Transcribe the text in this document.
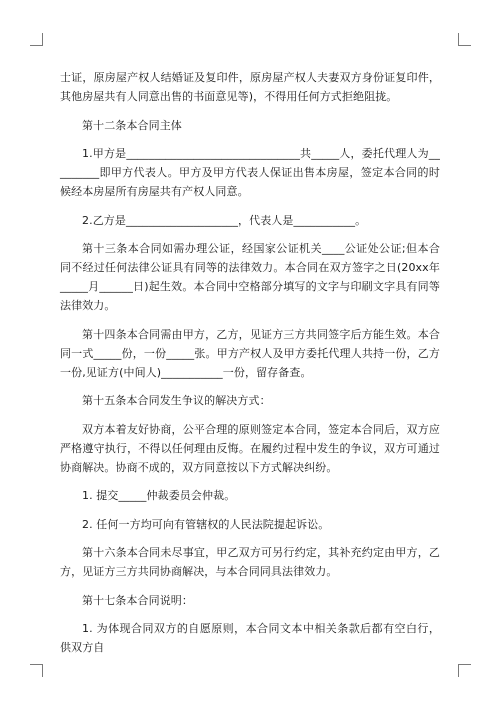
士证，原房屋产权人结婚证及复印件，原房屋产权人夫妻双方身份证复印件，其他房屋共有人同意出售的书面意见等)，不得用任何方式拒绝阻拢。

第十二条本合同主体

1.甲方是_______________________________共_____人，委托代理人为_________即甲方代表人。甲方及甲方代表人保证出售本房屋，签定本合同的时候经本房屋所有房屋共有产权人同意。

2.乙方是____________________，代表人是___________。

第十三条本合同如需办理公证，经国家公证机关____公证处公证;但本合同不经过任何法律公证具有同等的法律效力。本合同在双方签字之日(20xx年_____月______日)起生效。本合同中空格部分填写的文字与印刷文字具有同等法律效力。

第十四条本合同需由甲方，乙方，见证方三方共同签字后方能生效。本合同一式_____份，一份_____张。甲方产权人及甲方委托代理人共持一份，乙方一份,见证方(中间人)___________一份，留存备查。

第十五条本合同发生争议的解决方式：

双方本着友好协商，公平合理的原则签定本合同，签定本合同后，双方应严格遵守执行，不得以任何理由反悔。在履约过程中发生的争议，双方可通过协商解决。协商不成的，双方同意按以下方式解决纠纷。

1. 提交_____仲裁委员会仲裁。

2. 任何一方均可向有管辖权的人民法院提起诉讼。

第十六条本合同未尽事宜，甲乙双方可另行约定，其补充约定由甲方，乙方，见证方三方共同协商解决，与本合同同具法律效力。

第十七条本合同说明：

1. 为体现合同双方的自愿原则，本合同文本中相关条款后都有空白行，供双方自
